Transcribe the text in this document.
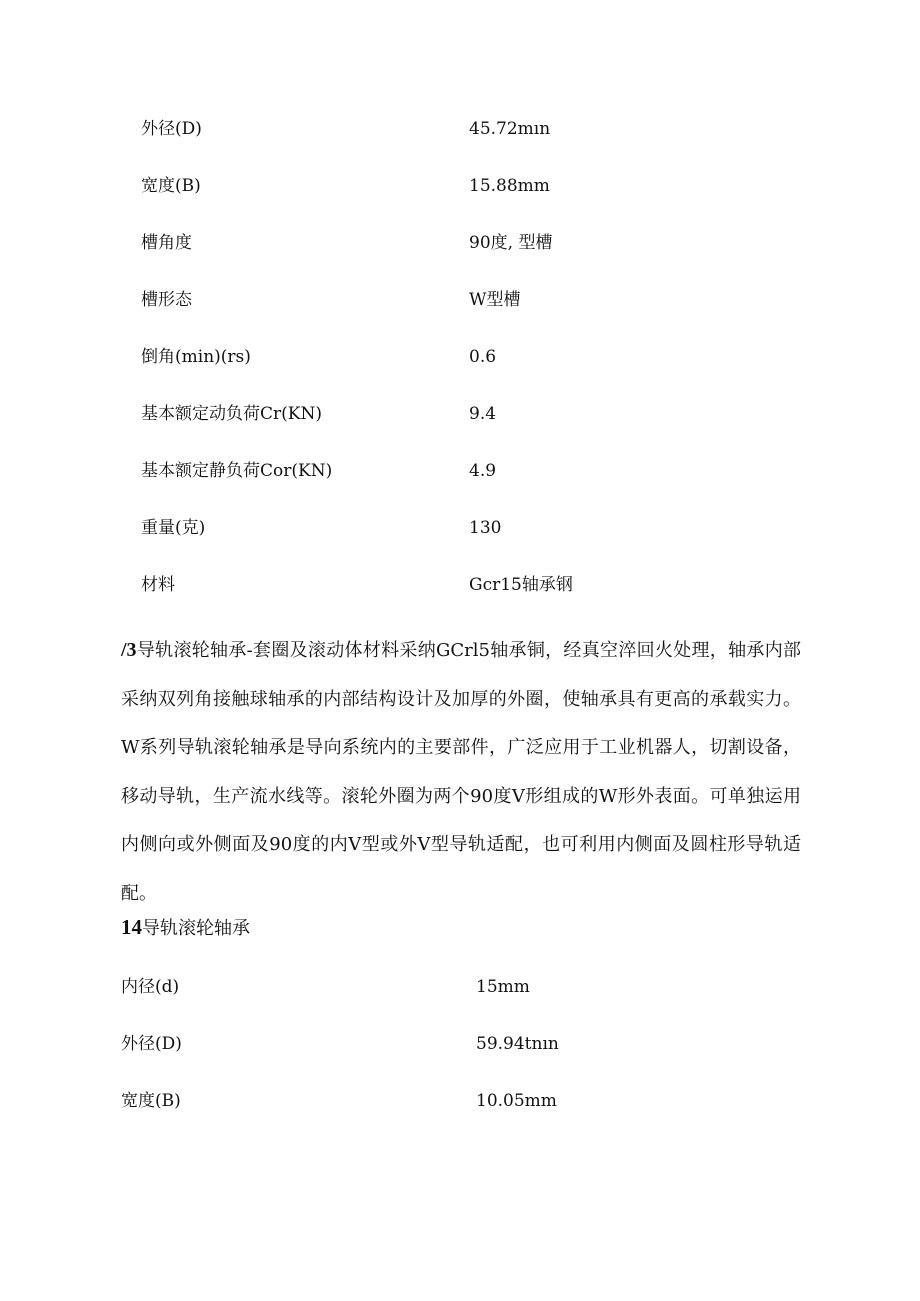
外径(D)	45.72mın
宽度(B)	15.88mm
槽角度	90度, 型槽
槽形态	W型槽
倒角(min)(rs)	0.6
基本额定动负荷Cr(KN)	9.4
基本额定静负荷Cor(KN)	4.9
重量(克)	130
材料	Gcr15轴承钢
/3导轨滚轮轴承-套圈及滚动体材料采纳GCrl5轴承铜，经真空淬回火处理，轴承内部采纳双列角接触球轴承的内部结构设计及加厚的外圈，使轴承具有更高的承载实力。W系列导轨滚轮轴承是导向系统内的主要部件，广泛应用于工业机器人，切割设备，移动导轨，生产流水线等。滚轮外圈为两个90度V形组成的W形外表面。可单独运用内侧向或外侧面及90度的内V型或外V型导轨适配，也可利用内侧面及圆柱形导轨适配。
14导轨滚轮轴承
内径(d)	15mm
外径(D)	59.94tnın
宽度(B)	10.05mm
